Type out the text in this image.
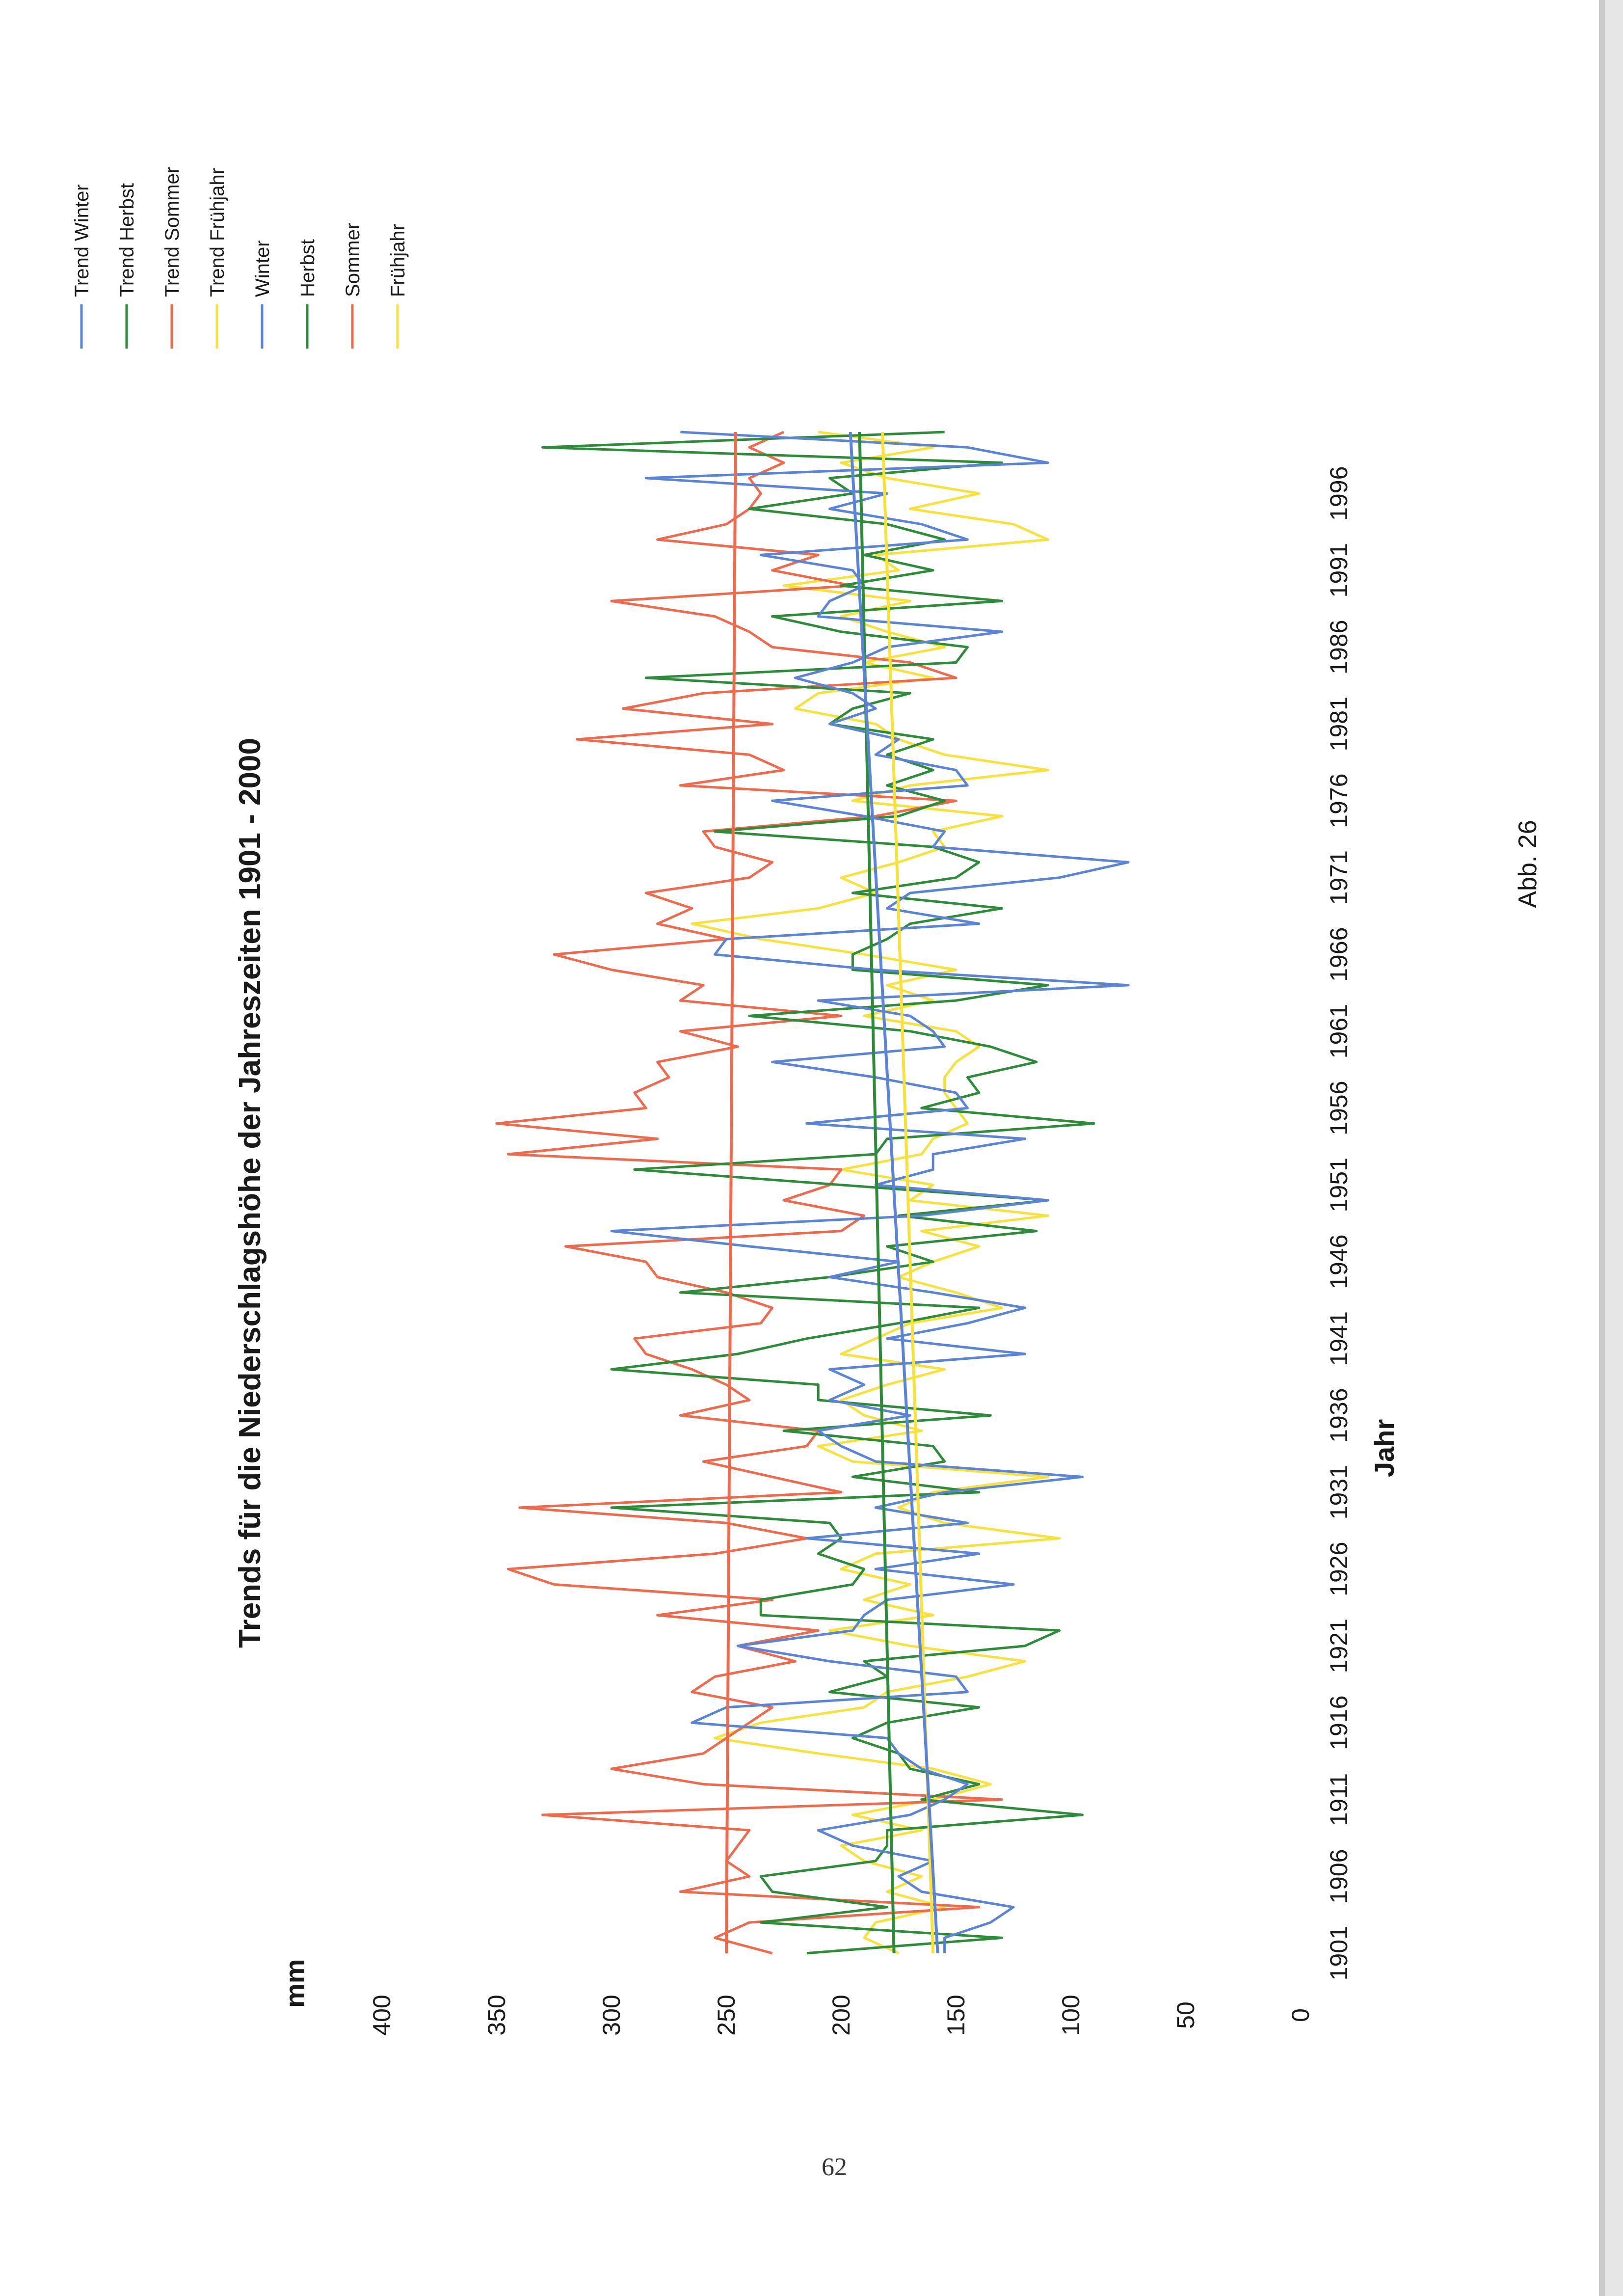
1901
1906
1911
1916
1921
1926
1931
1936
1941
1946
1951
1956
1961
1966
1971
1976
1981
1986
1991
1996
0
50
100
150
200
250
300
350
400
Jahr
mm
Trends für die Niederschlagshöhe der Jahreszeiten 1901 - 2000	Abb. 26
Frühjahr
Sommer
Herbst
Winter
Trend Frühjahr
Trend Sommer
Trend Herbst
Trend Winter
62
